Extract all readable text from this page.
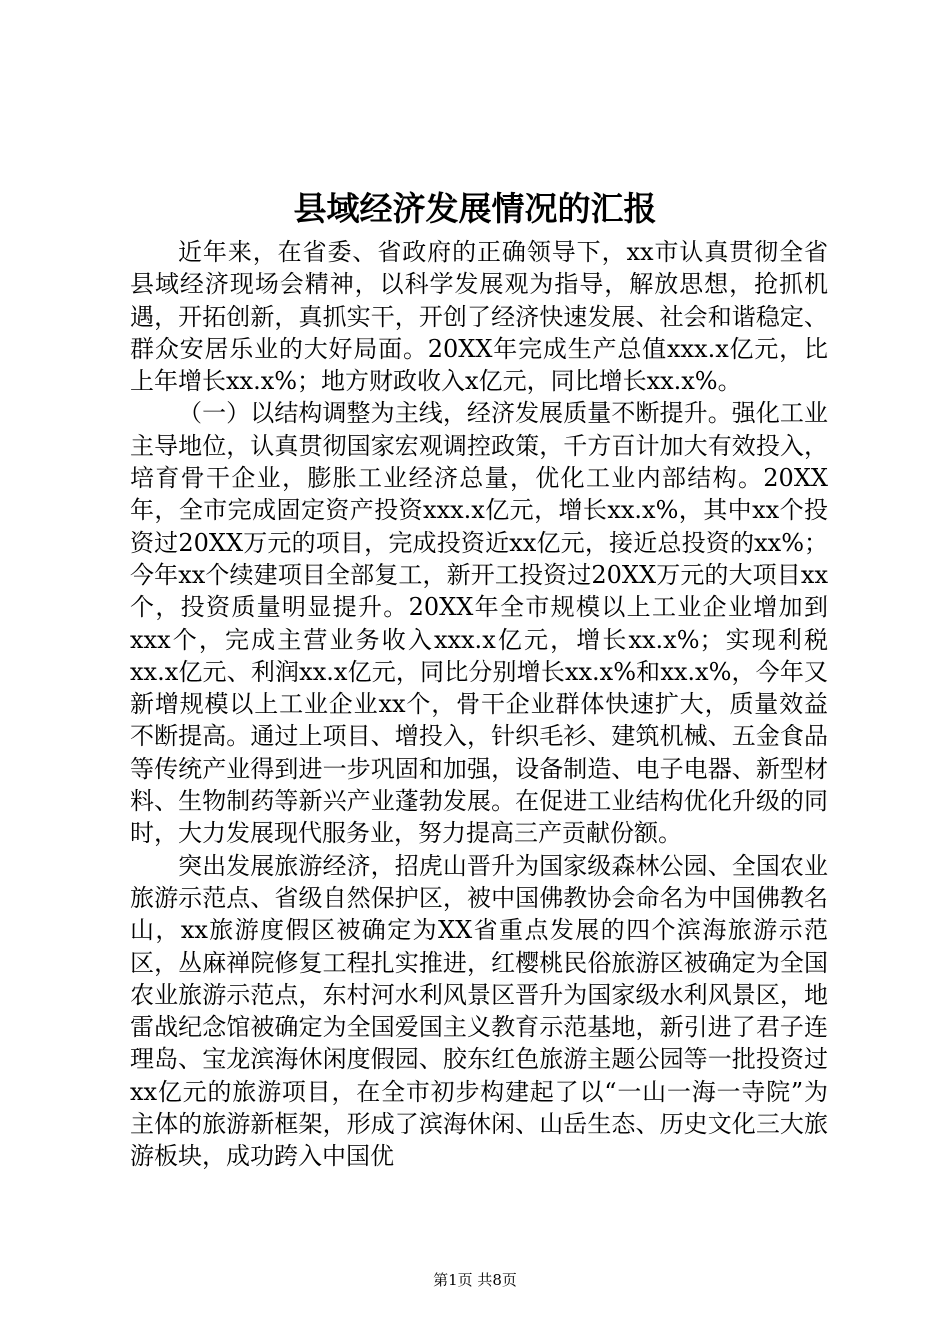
县域经济发展情况的汇报

近年来，在省委、省政府的正确领导下，xx市认真贯彻全省县域经济现场会精神，以科学发展观为指导，解放思想，抢抓机遇，开拓创新，真抓实干，开创了经济快速发展、社会和谐稳定、群众安居乐业的大好局面。20XX年完成生产总值xxx.x亿元，比上年增长xx.x%；地方财政收入x亿元，同比增长xx.x%。

（一）以结构调整为主线，经济发展质量不断提升。强化工业主导地位，认真贯彻国家宏观调控政策，千方百计加大有效投入，培育骨干企业，膨胀工业经济总量，优化工业内部结构。20XX年，全市完成固定资产投资xxx.x亿元，增长xx.x%，其中xx个投资过20XX万元的项目，完成投资近xx亿元，接近总投资的xx%；今年xx个续建项目全部复工，新开工投资过20XX万元的大项目xx个，投资质量明显提升。20XX年全市规模以上工业企业增加到xxx个，完成主营业务收入xxx.x亿元，增长xx.x%；实现利税xx.x亿元、利润xx.x亿元，同比分别增长xx.x%和xx.x%，今年又新增规模以上工业企业xx个，骨干企业群体快速扩大，质量效益不断提高。通过上项目、增投入，针织毛衫、建筑机械、五金食品等传统产业得到进一步巩固和加强，设备制造、电子电器、新型材料、生物制药等新兴产业蓬勃发展。在促进工业结构优化升级的同时，大力发展现代服务业，努力提高三产贡献份额。

突出发展旅游经济，招虎山晋升为国家级森林公园、全国农业旅游示范点、省级自然保护区，被中国佛教协会命名为中国佛教名山，xx旅游度假区被确定为XX省重点发展的四个滨海旅游示范区，丛麻禅院修复工程扎实推进，红樱桃民俗旅游区被确定为全国农业旅游示范点，东村河水利风景区晋升为国家级水利风景区，地雷战纪念馆被确定为全国爱国主义教育示范基地，新引进了君子连理岛、宝龙滨海休闲度假园、胶东红色旅游主题公园等一批投资过xx亿元的旅游项目，在全市初步构建起了以“一山一海一寺院”为主体的旅游新框架，形成了滨海休闲、山岳生态、历史文化三大旅游板块，成功跨入中国优

第1页 共8页
